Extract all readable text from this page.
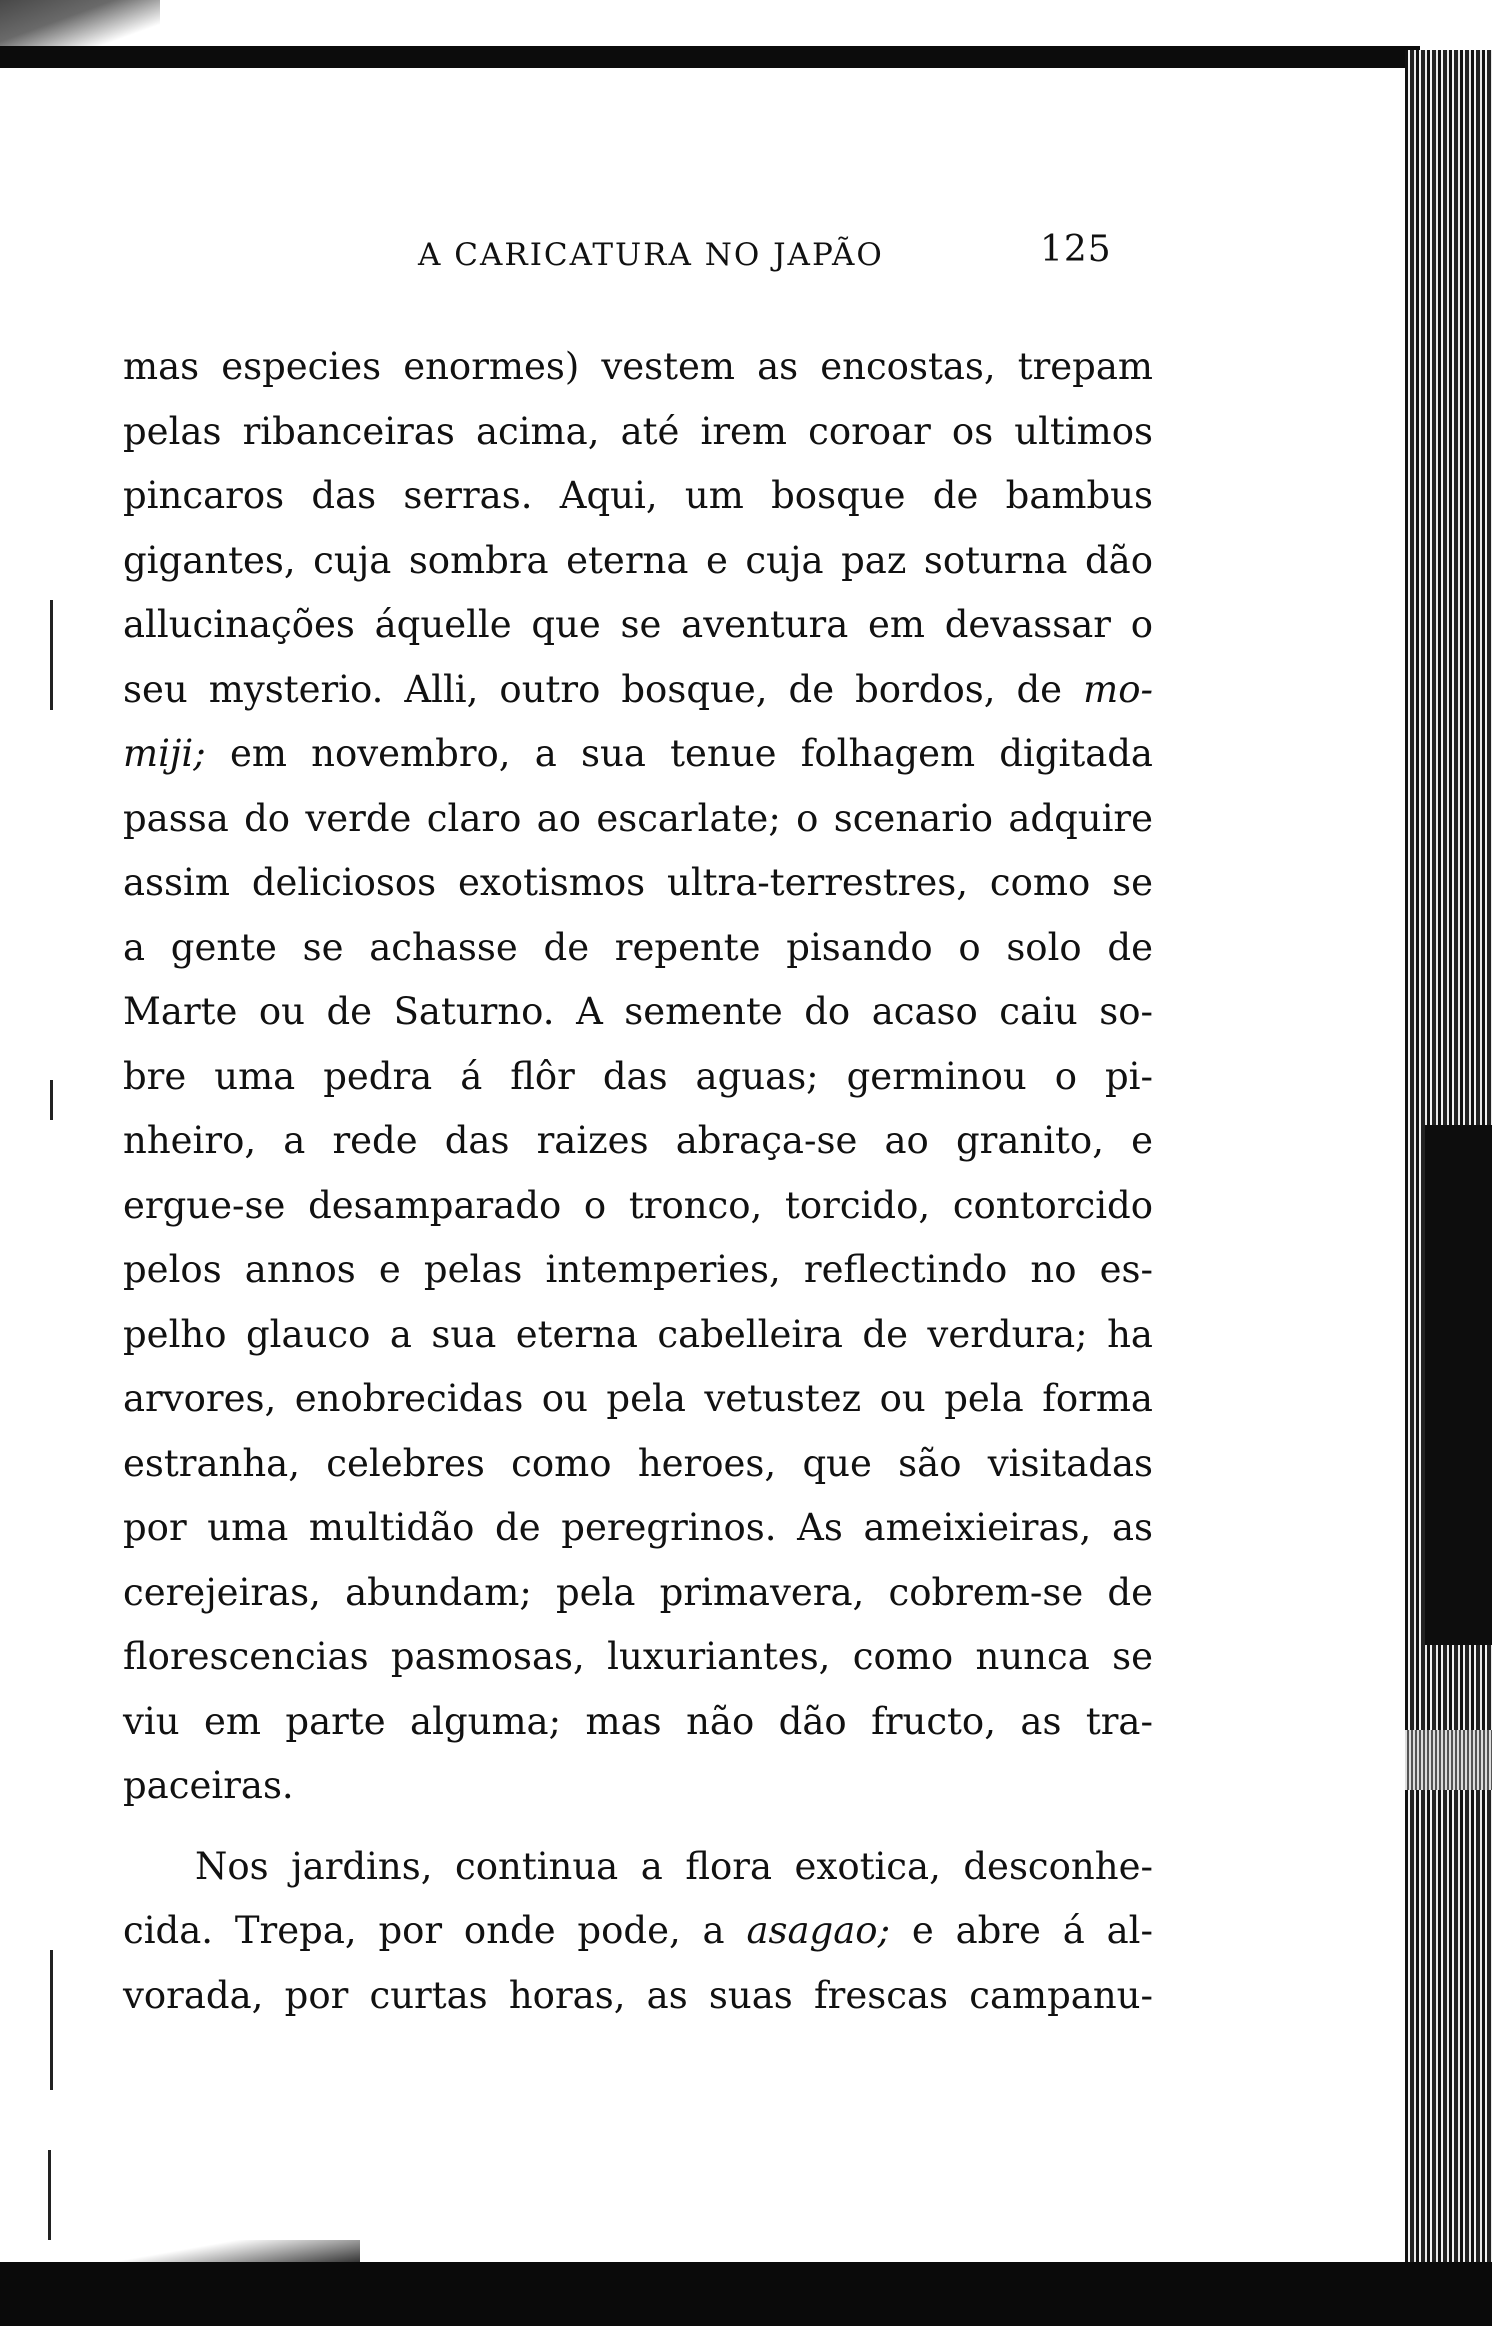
A CARICATURA NO JAPÃO	125
mas especies enormes) vestem as encostas, trepam
pelas ribanceiras acima, até irem coroar os ultimos
pincaros das serras. Aqui, um bosque de bambus
gigantes, cuja sombra eterna e cuja paz soturna dão
allucinações áquelle que se aventura em devassar o
seu mysterio. Alli, outro bosque, de bordos, de mo-
miji; em novembro, a sua tenue folhagem digitada
passa do verde claro ao escarlate; o scenario adquire
assim deliciosos exotismos ultra-terrestres, como se
a gente se achasse de repente pisando o solo de
Marte ou de Saturno. A semente do acaso caiu so-
bre uma pedra á flôr das aguas; germinou o pi-
nheiro, a rede das raizes abraça-se ao granito, e
ergue-se desamparado o tronco, torcido, contorcido
pelos annos e pelas intemperies, reflectindo no es-
pelho glauco a sua eterna cabelleira de verdura; ha
arvores, enobrecidas ou pela vetustez ou pela forma
estranha, celebres como heroes, que são visitadas
por uma multidão de peregrinos. As ameixieiras, as
cerejeiras, abundam; pela primavera, cobrem-se de
florescencias pasmosas, luxuriantes, como nunca se
viu em parte alguma; mas não dão fructo, as tra-
paceiras.
Nos jardins, continua a flora exotica, desconhe-
cida. Trepa, por onde pode, a asagao; e abre á al-
vorada, por curtas horas, as suas frescas campanu-
